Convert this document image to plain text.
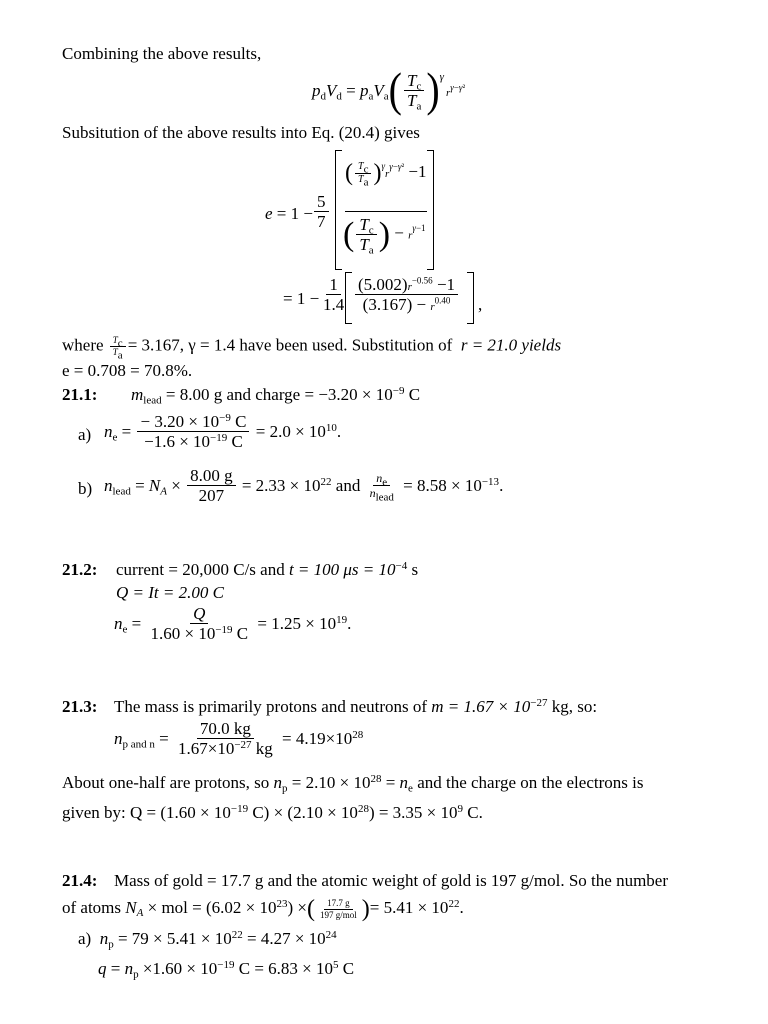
Combining the above results,
$p_dV_d = p_aV_a( \frac{T_c}{T_a} )\gamma r^{\gamma-\gamma^2}$
Subsitution of the above results into Eq. (20.4) gives
$e = 1 - \frac{5}{7}$
( $\frac{T_c}{T_a} )^\gamma r^{\gamma-\gamma^2} -1$
( $\frac{T_c}{T_a}$ ) − $r^{\gamma-1}$
= $1 - \frac{1}{1.4} \frac{(5.002)r^{-0.56} -1}{(3.167) - r^{0.40}}$ ,
where $\frac{T_c}{T_a} = 3.167$, γ = 1.4 have been used. Substitution of r = 21.0 yields
e = 0.708 = 70.8%.
21.1: $m_{lead} = 8.00$ g and charge = $-3.20 \times 10^{-9}$ C
a) $n_e = \frac{- 3.20 \times 10^{-9} C}{-1.6 \times 10^{-19} C} = 2.0 \times 10^{10}$.
b) $n_{lead} = N_A \times \frac{8.00 g}{207} = 2.33 \times 10^{22}$ and $\frac{n_e}{n_{lead}} = 8.58 \times 10^{-13}$.
21.2: current = 20,000 C/s and t = 100 $\mu s = 10^{-4}$ s
Q = It = 2.00 C
$n_e = \frac{Q}{1.60 \times 10^{-19} C} = 1.25 \times 10^{19}$.
21.3: The mass is primarily protons and neutrons of $m = 1.67 \times 10^{-27}$ kg, so:
$n_{p and n} = \frac{70.0 kg}{1.67\times 10^{-27} kg} = 4.19\times 10^{28}$
About one-half are protons, so $n_p = 2.10 \times 10^{28} = n_e$ and the charge on the electrons is
given by: $Q = (1.60 \times 10^{-19}$ $C) \times (2.10 \times 10^{28}) = 3.35 \times 10^9$ C.
21.4: Mass of gold = 17.7 g and the atomic weight of gold is 197 g/mol. So the number
of atoms $N_A$ × mol = $(6.02 \times 10^{23})$ ×( $\frac{17.7 g}{\text{197 g/mol}}$ )= $5.41 \times 10^{22}$.
a) $n_p = 79 \times 5.41 \times 10^{22} = 4.27 \times 10^{24}$
$q = n_p \times 1.60 \times 10^{-19}$ $C = 6.83 \times 10^5$ C
